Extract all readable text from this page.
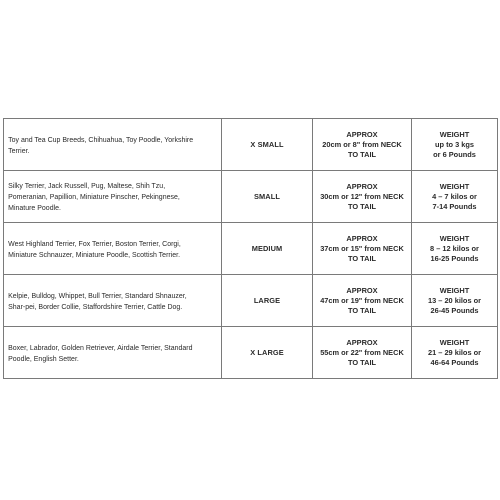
Toy and Tea Cup Breeds, Chihuahua, Toy Poodle, Yorkshire Terrier.	X SMALL	APPROX
20cm or 8" from NECK
TO TAIL	WEIGHT
up to 3 kgs
or 6 Pounds

Silky Terrier, Jack Russell, Pug, Maltese, Shih Tzu, Pomeranian, Papillion, Miniature Pinscher, Pekingnese, Minature Poodle.	SMALL	APPROX
30cm or 12" from NECK
TO TAIL	WEIGHT
4 – 7 kilos or
7-14 Pounds

West Highland Terrier, Fox Terrier, Boston Terrier, Corgi, Miniature Schnauzer, Miniature Poodle, Scottish Terrier.	MEDIUM	APPROX
37cm or 15" from NECK
TO TAIL	WEIGHT
8 – 12 kilos or
16-25 Pounds

Kelpie, Bulldog, Whippet, Bull Terrier, Standard Shnauzer, Shar-pei, Border Collie, Staffordshire Terrier, Cattle Dog.	LARGE	APPROX
47cm or 19" from NECK
TO TAIL	WEIGHT
13 – 20 kilos or
26-45 Pounds

Boxer, Labrador, Golden Retriever, Airdale Terrier, Standard Poodle, English Setter.	X LARGE	APPROX
55cm or 22" from NECK
TO TAIL	WEIGHT
21 – 29 kilos or
46-64 Pounds
